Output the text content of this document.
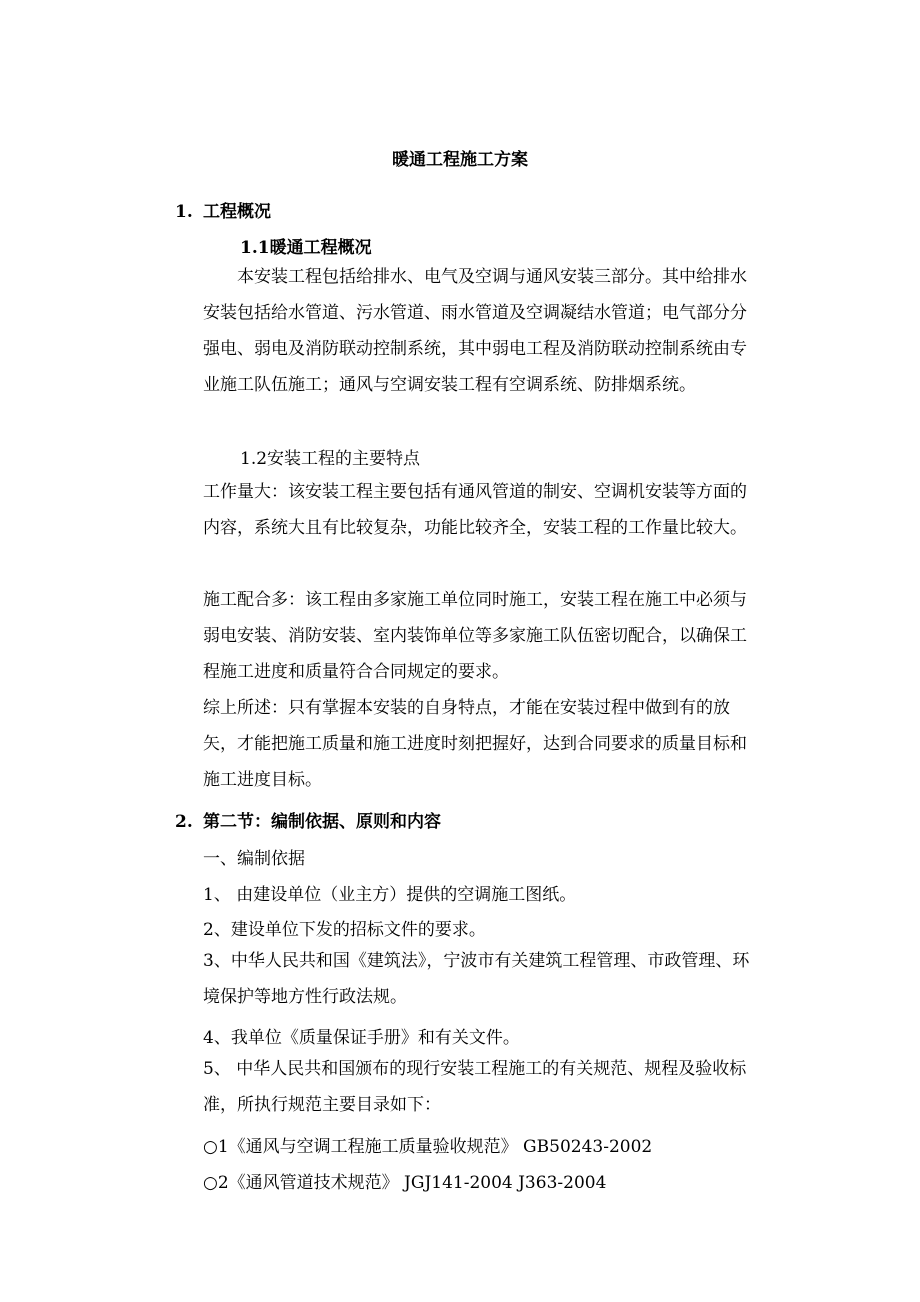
暖通工程施工方案
1. 工程概况
1.1暖通工程概况
本安装工程包括给排水、电气及空调与通风安装三部分。其中给排水安装包括给水管道、污水管道、雨水管道及空调凝结水管道；电气部分分强电、弱电及消防联动控制系统，其中弱电工程及消防联动控制系统由专业施工队伍施工；通风与空调安装工程有空调系统、防排烟系统。
1.2安装工程的主要特点
工作量大：该安装工程主要包括有通风管道的制安、空调机安装等方面的内容，系统大且有比较复杂，功能比较齐全，安装工程的工作量比较大。
施工配合多：该工程由多家施工单位同时施工，安装工程在施工中必须与弱电安装、消防安装、室内装饰单位等多家施工队伍密切配合，以确保工程施工进度和质量符合合同规定的要求。
综上所述：只有掌握本安装的自身特点，才能在安装过程中做到有的放矢，才能把施工质量和施工进度时刻把握好，达到合同要求的质量目标和施工进度目标。
2. 第二节：编制依据、原则和内容
一、编制依据
1、 由建设单位（业主方）提供的空调施工图纸。
2、建设单位下发的招标文件的要求。
3、中华人民共和国《建筑法》，宁波市有关建筑工程管理、市政管理、环境保护等地方性行政法规。
4、我单位《质量保证手册》和有关文件。
5、 中华人民共和国颁布的现行安装工程施工的有关规范、规程及验收标准，所执行规范主要目录如下：
○1《通风与空调工程施工质量验收规范》 GB50243-2002
○2《通风管道技术规范》 JGJ141-2004 J363-2004
